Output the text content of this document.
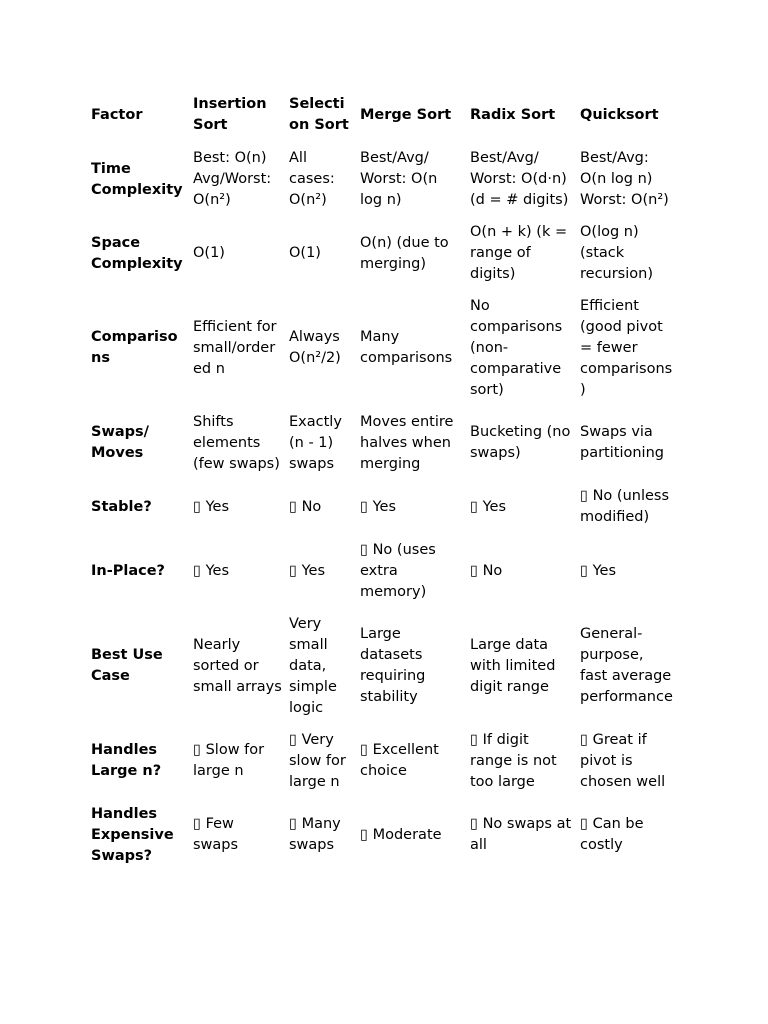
Factor	Insertion Sort	Selection Sort	Merge Sort	Radix Sort	Quicksort
Time Complexity	Best: O(n) Avg/Worst: O(n²)	All cases: O(n²)	Best/Avg/ Worst: O(n log n)	Best/Avg/ Worst: O(d·n) (d = # digits)	Best/Avg: O(n log n) Worst: O(n²)
Space Complexity	O(1)	O(1)	O(n) (due to merging)	O(n + k) (k = range of digits)	O(log n) (stack recursion)
Comparisons	Efficient for small/ordered n	Always O(n²/2)	Many comparisons	No comparisons (non-comparative sort)	Efficient (good pivot = fewer comparisons)
Swaps/ Moves	Shifts elements (few swaps)	Exactly (n - 1) swaps	Moves entire halves when merging	Bucketing (no swaps)	Swaps via partitioning
Stable?	▯ Yes	▯ No	▯ Yes	▯ Yes	▯ No (unless modified)
In-Place?	▯ Yes	▯ Yes	▯ No (uses extra memory)	▯ No	▯ Yes
Best Use Case	Nearly sorted or small arrays	Very small data, simple logic	Large datasets requiring stability	Large data with limited digit range	General-purpose, fast average performance
Handles Large n?	▯ Slow for large n	▯ Very slow for large n	▯ Excellent choice	▯ If digit range is not too large	▯ Great if pivot is chosen well
Handles Expensive Swaps?	▯ Few swaps	▯ Many swaps	▯ Moderate	▯ No swaps at all	▯ Can be costly
